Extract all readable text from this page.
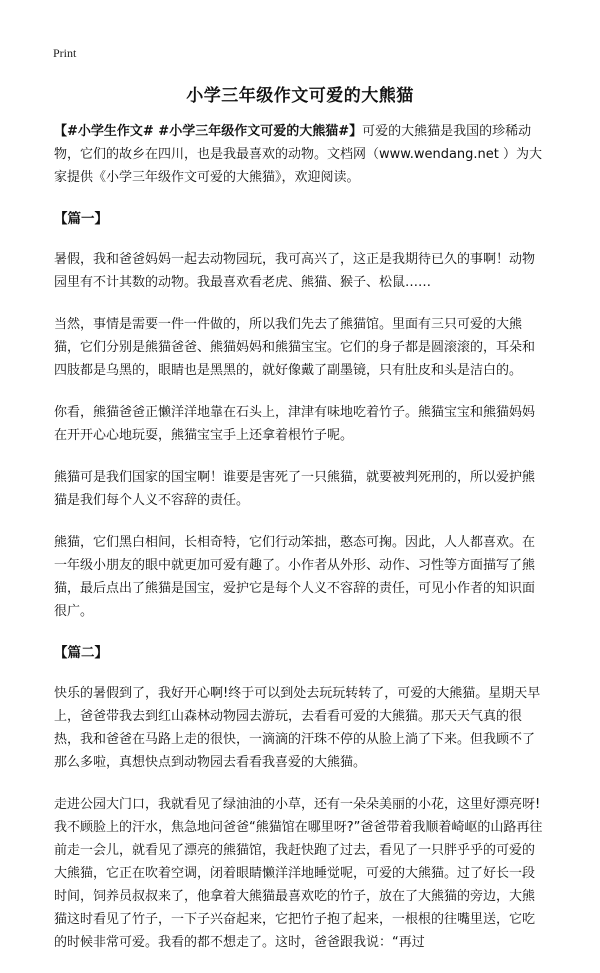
Print
小学三年级作文可爱的大熊猫

【#小学生作文# #小学三年级作文可爱的大熊猫#】可爱的大熊猫是我国的珍稀动物，它们的故乡在四川，也是我最喜欢的动物。文档网（www.wendang.net ）为大家提供《小学三年级作文可爱的大熊猫》，欢迎阅读。

【篇一】

暑假，我和爸爸妈妈一起去动物园玩，我可高兴了，这正是我期待已久的事啊！动物园里有不计其数的动物。我最喜欢看老虎、熊猫、猴子、松鼠……

当然，事情是需要一件一件做的，所以我们先去了熊猫馆。里面有三只可爱的大熊猫，它们分别是熊猫爸爸、熊猫妈妈和熊猫宝宝。它们的身子都是圆滚滚的，耳朵和四肢都是乌黑的，眼睛也是黑黑的，就好像戴了副墨镜，只有肚皮和头是洁白的。

你看，熊猫爸爸正懒洋洋地靠在石头上，津津有味地吃着竹子。熊猫宝宝和熊猫妈妈在开开心心地玩耍，熊猫宝宝手上还拿着根竹子呢。

熊猫可是我们国家的国宝啊！谁要是害死了一只熊猫，就要被判死刑的，所以爱护熊猫是我们每个人义不容辞的责任。

熊猫，它们黑白相间，长相奇特，它们行动笨拙，憨态可掬。因此，人人都喜欢。在一年级小朋友的眼中就更加可爱有趣了。小作者从外形、动作、习性等方面描写了熊猫，最后点出了熊猫是国宝，爱护它是每个人义不容辞的责任，可见小作者的知识面很广。

【篇二】

快乐的暑假到了，我好开心啊!终于可以到处去玩玩转转了，可爱的大熊猫。星期天早上，爸爸带我去到红山森林动物园去游玩，去看看可爱的大熊猫。那天天气真的很热，我和爸爸在马路上走的很快，一滴滴的汗珠不停的从脸上淌了下来。但我顾不了那么多啦，真想快点到动物园去看看我喜爱的大熊猫。

走进公园大门口，我就看见了绿油油的小草，还有一朵朵美丽的小花，这里好漂亮呀!我不顾脸上的汗水，焦急地问爸爸“熊猫馆在哪里呀?”爸爸带着我顺着崎岖的山路再往前走一会儿，就看见了漂亮的熊猫馆，我赶快跑了过去，看见了一只胖乎乎的可爱的大熊猫，它正在吹着空调，闭着眼睛懒洋洋地睡觉呢，可爱的大熊猫。过了好长一段时间，饲养员叔叔来了，他拿着大熊猫最喜欢吃的竹子，放在了大熊猫的旁边，大熊猫这时看见了竹子，一下子兴奋起来，它把竹子抱了起来，一根根的往嘴里送，它吃的时候非常可爱。我看的都不想走了。这时，爸爸跟我说：“再过
